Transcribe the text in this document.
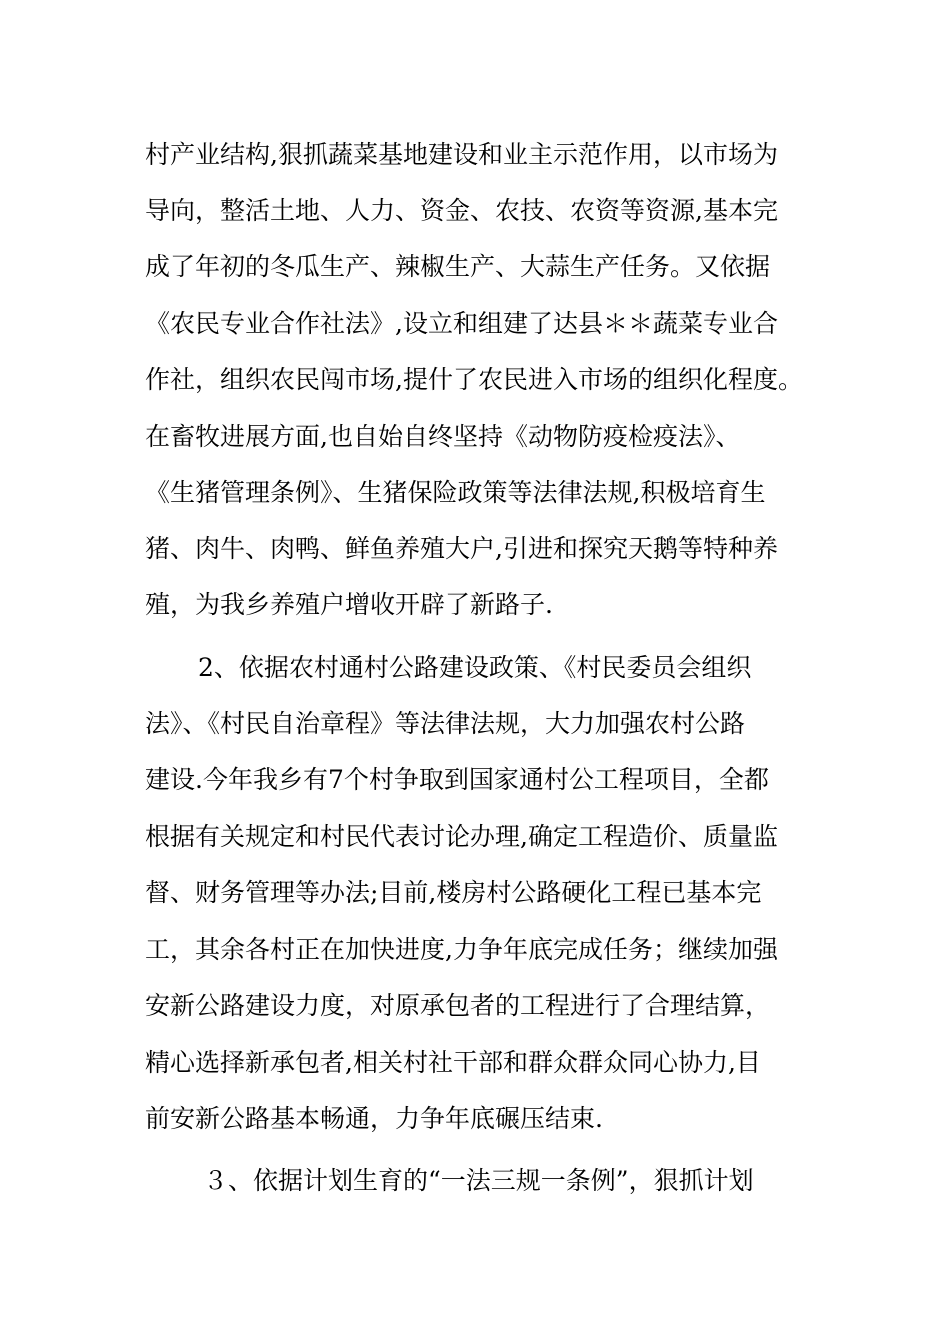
村产业结构,狠抓蔬菜基地建设和业主示范作用，以市场为
导向，整活土地、人力、资金、农技、农资等资源,基本完
成了年初的冬瓜生产、辣椒生产、大蒜生产任务。又依据
《农民专业合作社法》,设立和组建了达县＊＊蔬菜专业合
作社，组织农民闯市场,提什了农民进入市场的组织化程度。
在畜牧进展方面,也自始自终坚持《动物防疫检疫法》、
《生猪管理条例》、生猪保险政策等法律法规,积极培育生
猪、肉牛、肉鸭、鲜鱼养殖大户,引进和探究天鹅等特种养
殖，为我乡养殖户增收开辟了新路子.
2、依据农村通村公路建设政策、《村民委员会组织
法》、《村民自治章程》等法律法规，大力加强农村公路
建设.今年我乡有7个村争取到国家通村公工程项目，全都
根据有关规定和村民代表讨论办理,确定工程造价、质量监
督、财务管理等办法;目前,楼房村公路硬化工程已基本完
工，其余各村正在加快进度,力争年底完成任务；继续加强
安新公路建设力度，对原承包者的工程进行了合理结算，
精心选择新承包者,相关村社干部和群众群众同心协力,目
前安新公路基本畅通，力争年底碾压结束.
３、依据计划生育的“一法三规一条例”，狠抓计划
